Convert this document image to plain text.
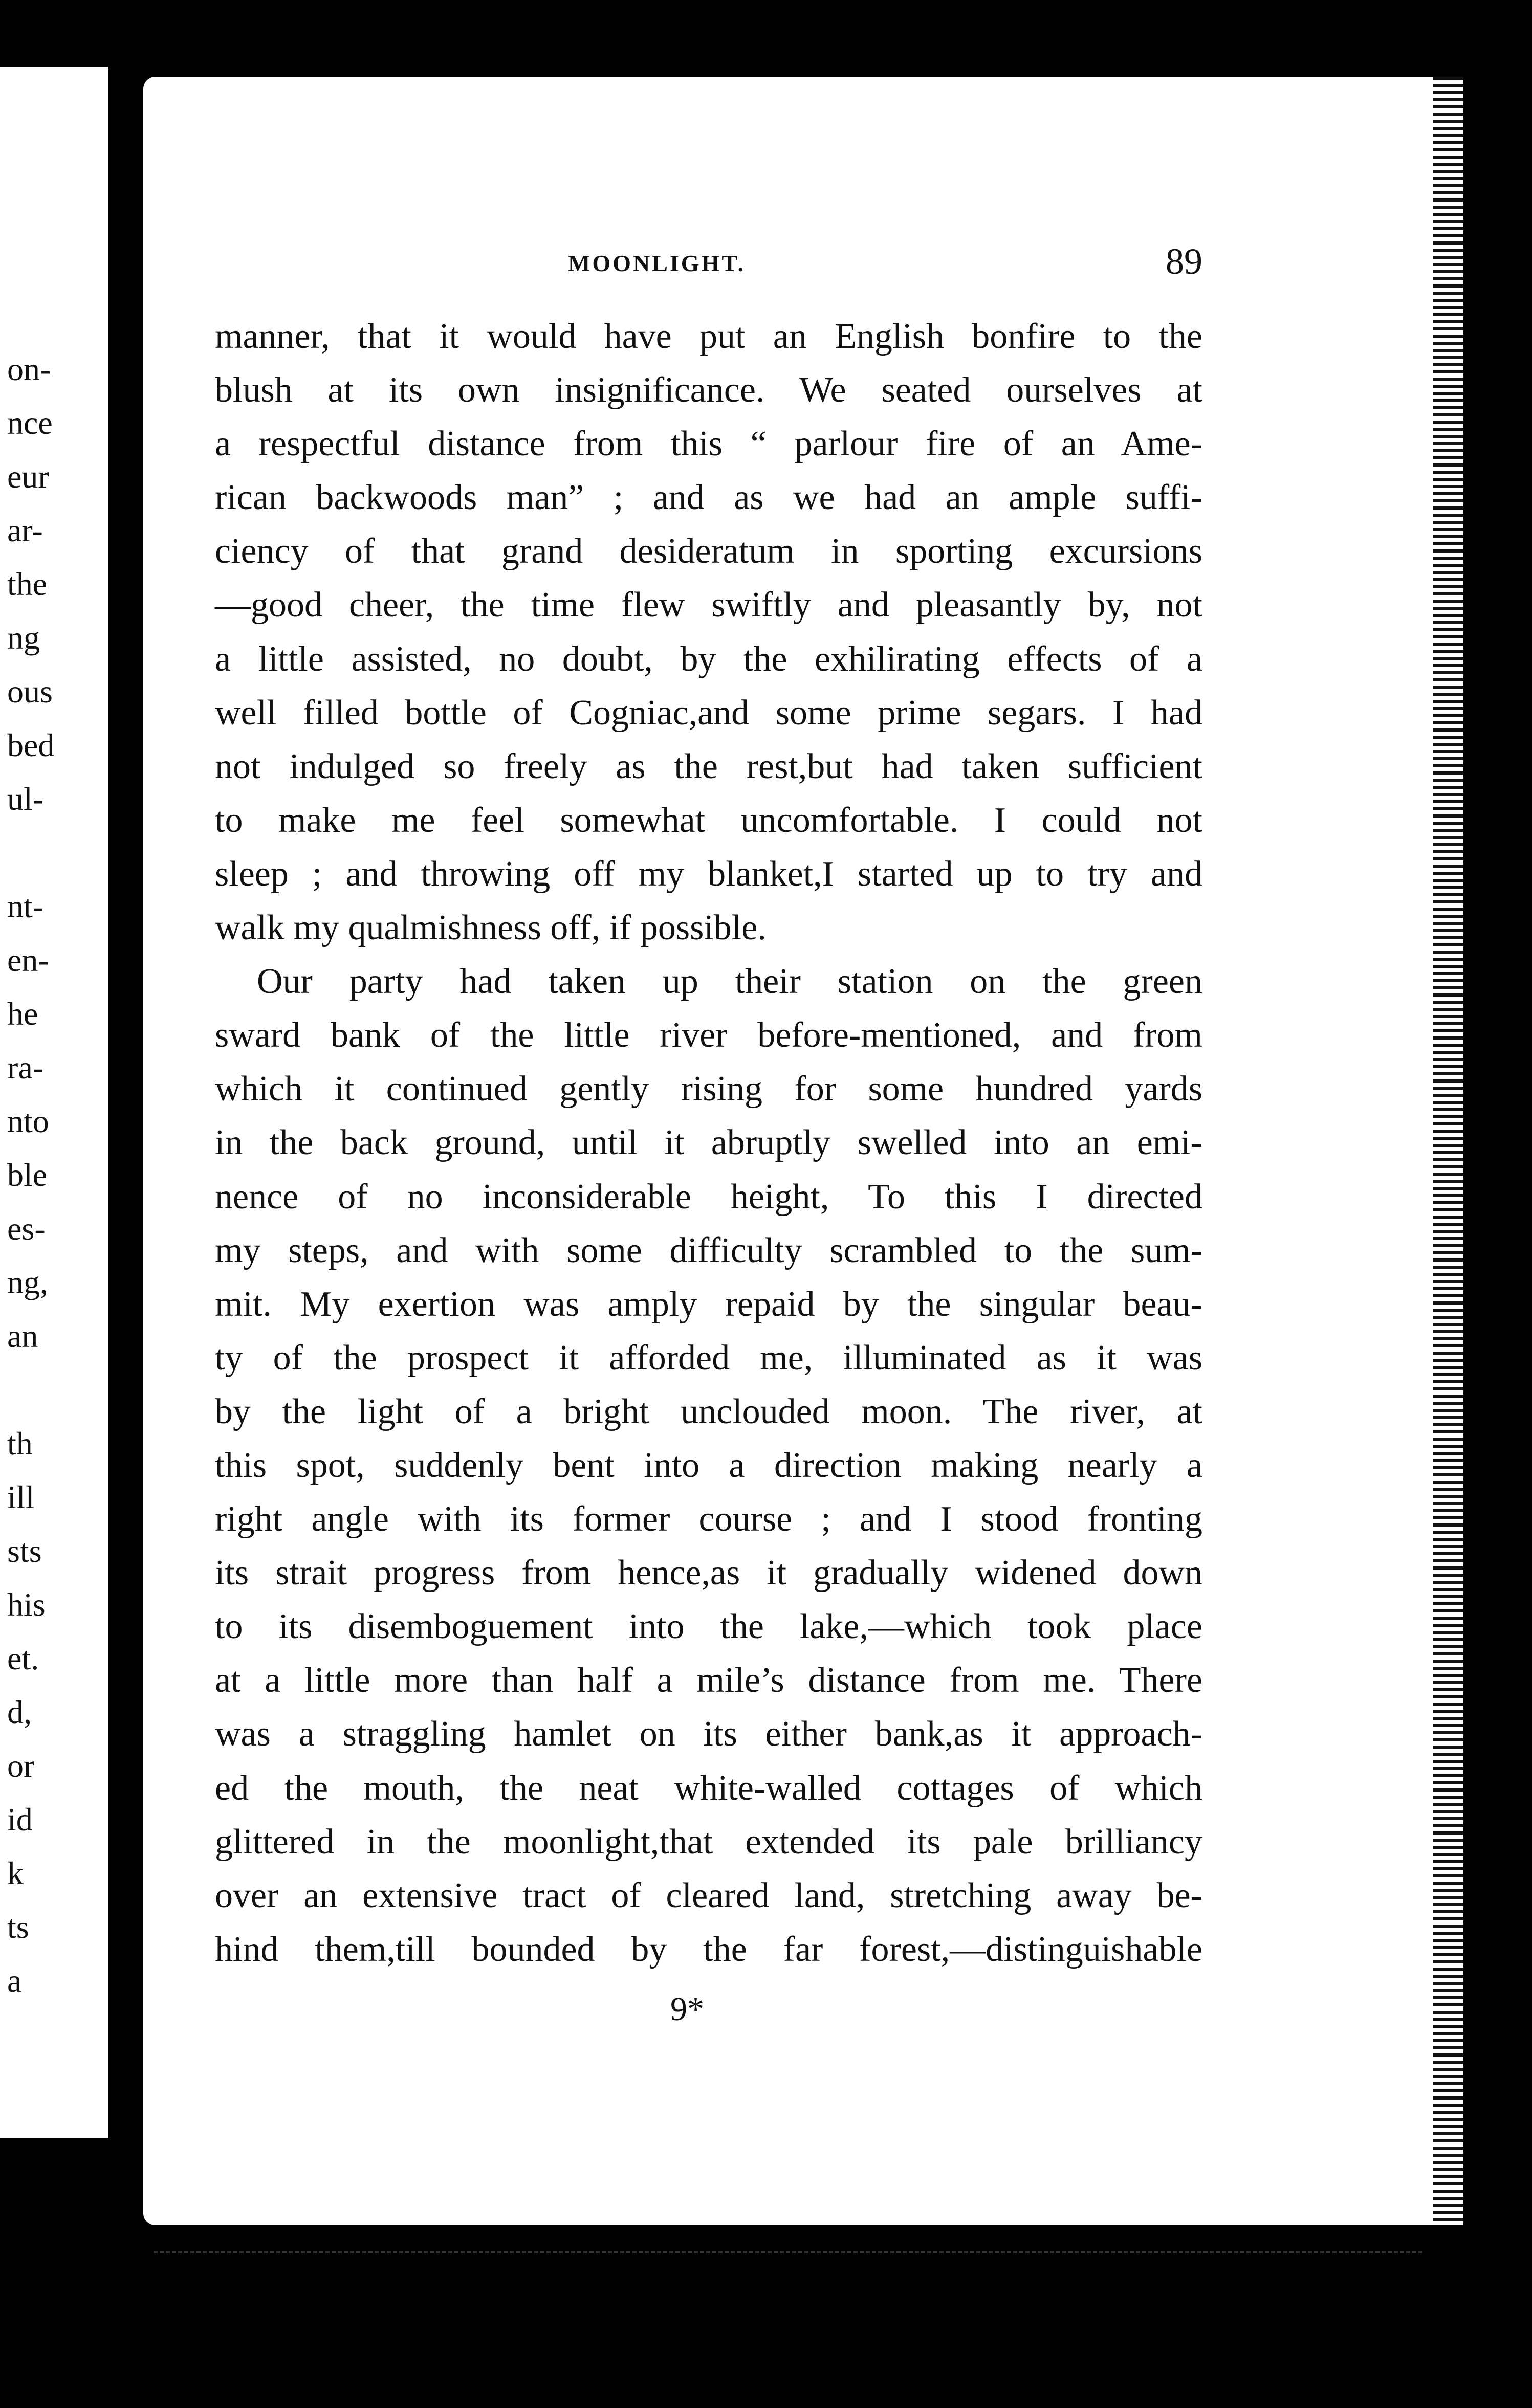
on-
nce
eur
ar-
the
ng
ous
bed
ul-
nt-
en-
he
ra-
nto
ble
es-
ng,
an
th
ill
sts
his
et.
d,
or
id
k
ts
a
MOONLIGHT.	89
manner, that it would have put an English bonfire to the
blush at its own insignificance. We seated ourselves at
a respectful distance from this “ parlour fire of an Ame-
rican backwoods man” ; and as we had an ample suffi-
ciency of that grand desideratum in sporting excursions
—good cheer, the time flew swiftly and pleasantly by, not
a little assisted, no doubt, by the exhilirating effects of a
well filled bottle of Cogniac,and some prime segars. I had
not indulged so freely as the rest,but had taken sufficient
to make me feel somewhat uncomfortable. I could not
sleep ; and throwing off my blanket,I started up to try and
walk my qualmishness off, if possible.
Our party had taken up their station on the green
sward bank of the little river before-mentioned, and from
which it continued gently rising for some hundred yards
in the back ground, until it abruptly swelled into an emi-
nence of no inconsiderable height, To this I directed
my steps, and with some difficulty scrambled to the sum-
mit. My exertion was amply repaid by the singular beau-
ty of the prospect it afforded me, illuminated as it was
by the light of a bright unclouded moon. The river, at
this spot, suddenly bent into a direction making nearly a
right angle with its former course ; and I stood fronting
its strait progress from hence,as it gradually widened down
to its disemboguement into the lake,—which took place
at a little more than half a mile’s distance from me. There
was a straggling hamlet on its either bank,as it approach-
ed the mouth, the neat white-walled cottages of which
glittered in the moonlight,that extended its pale brilliancy
over an extensive tract of cleared land, stretching away be-
hind them,till bounded by the far forest,—distinguishable
9*
